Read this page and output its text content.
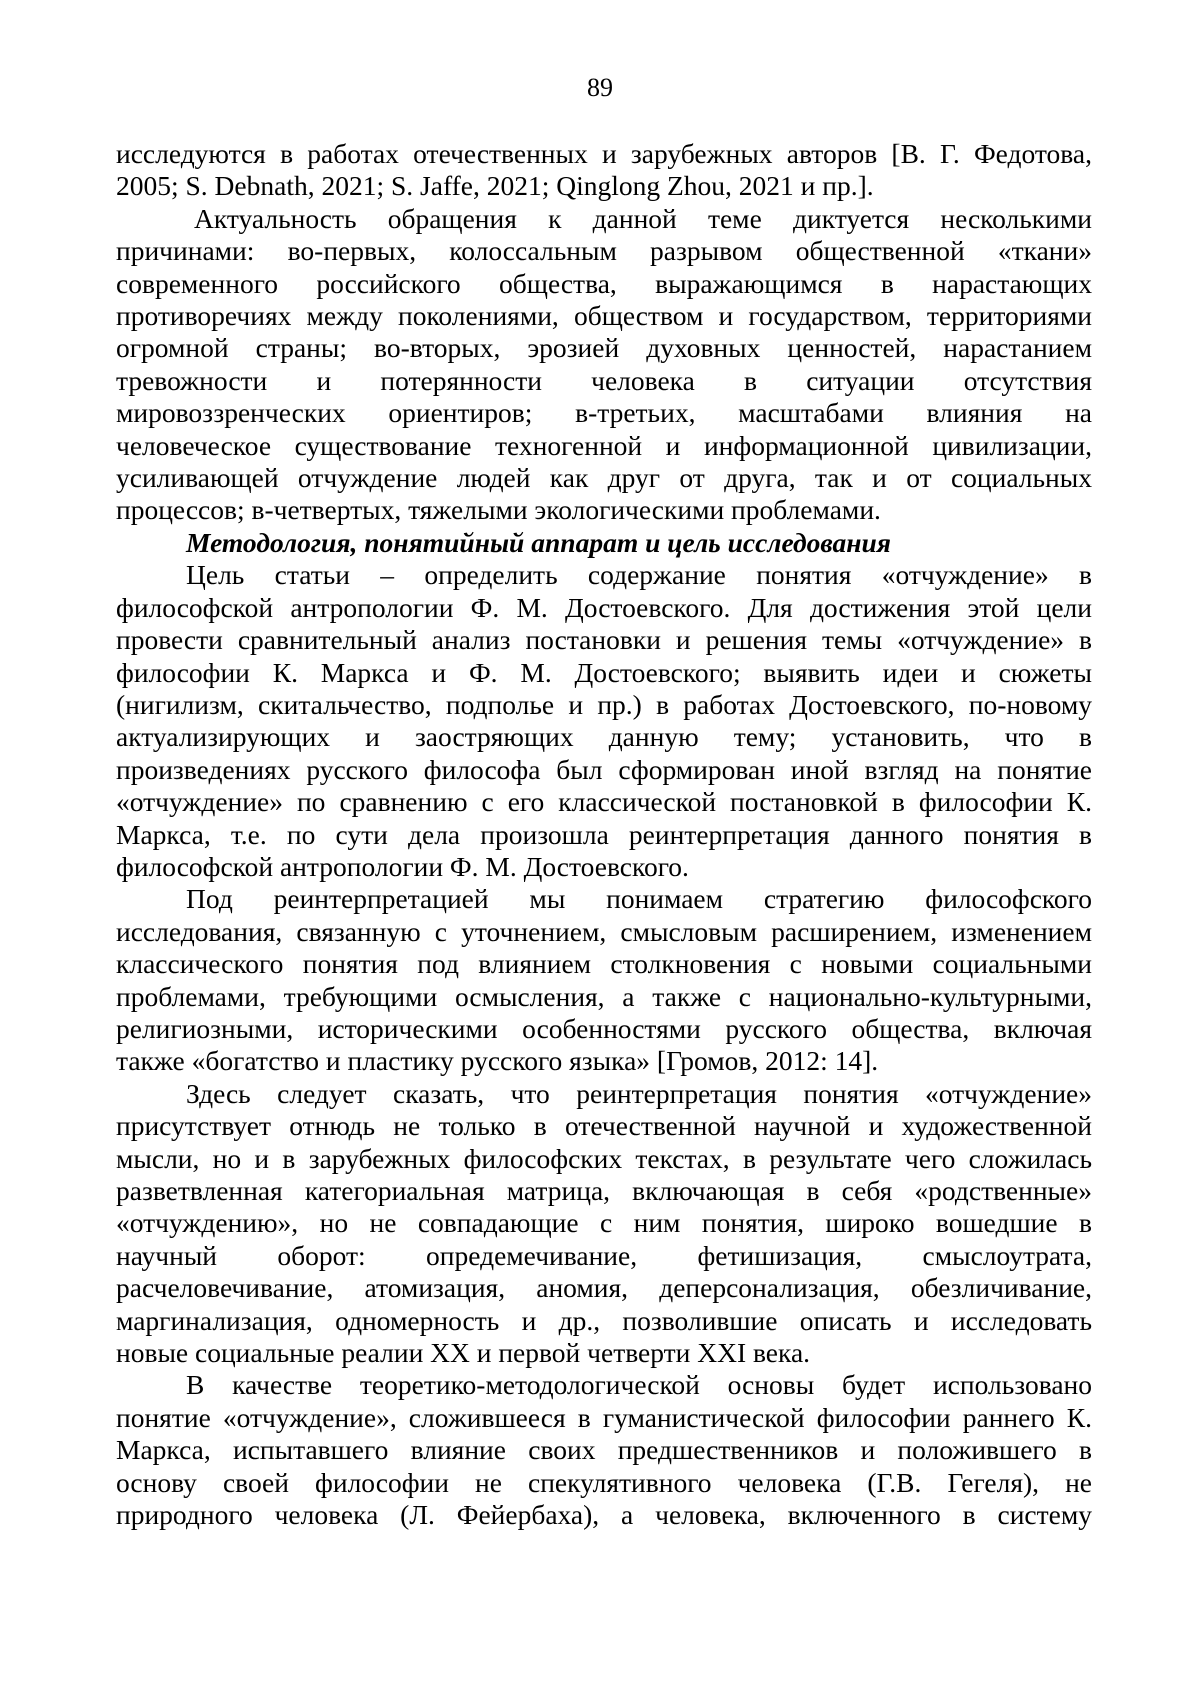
89
исследуются в работах отечественных и зарубежных авторов [В. Г. Федотова,
2005; S. Debnath, 2021; S. Jaffe, 2021; Qinglong Zhou, 2021 и пр.].
Актуальность обращения к данной теме диктуется несколькими
причинами: во-первых, колоссальным разрывом общественной «ткани»
современного российского общества, выражающимся в нарастающих
противоречиях между поколениями, обществом и государством, территориями
огромной страны; во-вторых, эрозией духовных ценностей, нарастанием
тревожности и потерянности человека в ситуации отсутствия
мировоззренческих ориентиров; в-третьих, масштабами влияния на
человеческое существование техногенной и информационной цивилизации,
усиливающей отчуждение людей как друг от друга, так и от социальных
процессов; в-четвертых, тяжелыми экологическими проблемами.
Методология, понятийный аппарат и цель исследования
Цель статьи – определить содержание понятия «отчуждение» в
философской антропологии Ф. М. Достоевского. Для достижения этой цели
провести сравнительный анализ постановки и решения темы «отчуждение» в
философии К. Маркса и Ф. М. Достоевского; выявить идеи и сюжеты
(нигилизм, скитальчество, подполье и пр.) в работах Достоевского, по-новому
актуализирующих и заостряющих данную тему; установить, что в
произведениях русского философа был сформирован иной взгляд на понятие
«отчуждение» по сравнению с его классической постановкой в философии К.
Маркса, т.е. по сути дела произошла реинтерпретация данного понятия в
философской антропологии Ф. М. Достоевского.
Под реинтерпретацией мы понимаем стратегию философского
исследования, связанную с уточнением, смысловым расширением, изменением
классического понятия под влиянием столкновения с новыми социальными
проблемами, требующими осмысления, а также с национально-культурными,
религиозными, историческими особенностями русского общества, включая
также «богатство и пластику русского языка» [Громов, 2012: 14].
Здесь следует сказать, что реинтерпретация понятия «отчуждение»
присутствует отнюдь не только в отечественной научной и художественной
мысли, но и в зарубежных философских текстах, в результате чего сложилась
разветвленная категориальная матрица, включающая в себя «родственные»
«отчуждению», но не совпадающие с ним понятия, широко вошедшие в
научный оборот: опредемечивание, фетишизация, смыслоутрата,
расчеловечивание, атомизация, аномия, деперсонализация, обезличивание,
маргинализация, одномерность и др., позволившие описать и исследовать
новые социальные реалии XX и первой четверти XXI века.
В качестве теоретико-методологической основы будет использовано
понятие «отчуждение», сложившееся в гуманистической философии раннего К.
Маркса, испытавшего влияние своих предшественников и положившего в
основу своей философии не спекулятивного человека (Г.В. Гегеля), не
природного человека (Л. Фейербаха), а человека, включенного в систему
